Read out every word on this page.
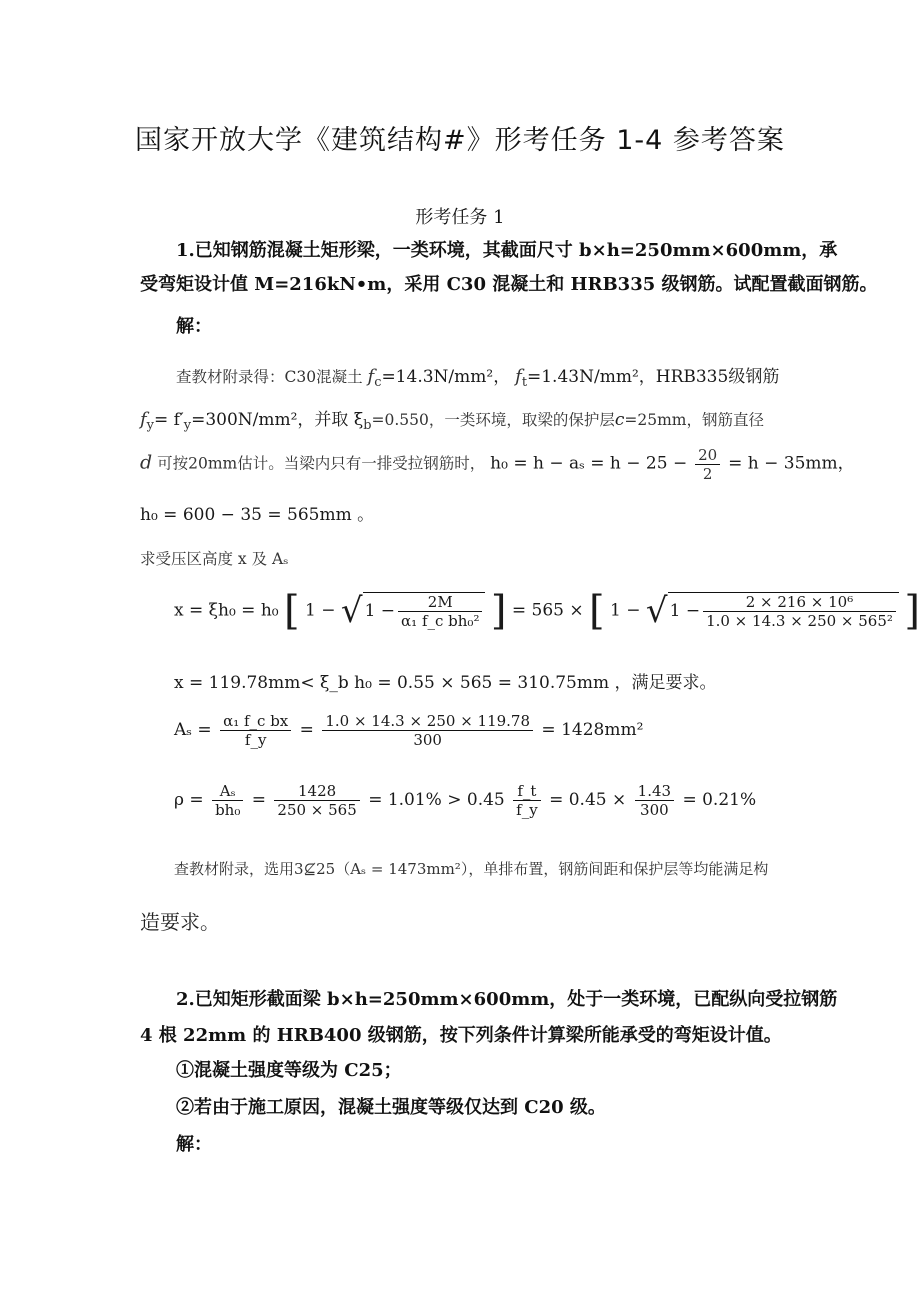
国家开放大学《建筑结构#》形考任务 1-4 参考答案
形考任务 1
1.已知钢筋混凝土矩形梁，一类环境，其截面尺寸 b×h=250mm×600mm，承
受弯矩设计值 M=216kN•m，采用 C30 混凝土和 HRB335 级钢筋。试配置截面钢筋。
解：
查教材附录得：C30混凝土 $f_c=14.3N$/mm²， $f_t=1.43N$/mm²，HRB335级钢筋
$f_y= f'_y=300N/mm^2$，并取 $\xi_b=0.550$，一类环境，取梁的保护层c=25mm，钢筋直径
d 可按20mm估计。当梁内只有一排受拉钢筋时， $h_0 = h - a_s = h - 25 - \frac{20}{2} = h - 35mm$，
h₀ = 600 − 35 = 565mm 。
求受压区高度 x 及 Aₛ
x = ξh₀ = h₀ [ 1 − √ $1 - \frac{2M}{\text{α₁ f\_c bh₀²}}$ ] = 565 × [ 1 − √ $1 - \frac{\text{2 × 216 × 10⁶}}{\text{1.0 × 14.3 × 250 × 565²}}$ ]
x = 119.78mm< ξ_b h₀ = 0.55 × 565 = 310.75mm ，满足要求。
$A_s = \frac{\text{α₁ f\_c bx}}{f\_y} = \frac{1.0 \times 14.3 \times 250 \times 119.78}{300} = 1428mm^2$
$\rho = \frac{\text{Aₛ}}{\text{bh₀}} = \frac{1428}{250 \times 565} = 1.01\% > 0.45 \frac{f\_t}{f\_y} = 0.45 \times \frac{1.43}{300} = 0.21\%$
查教材附录，选用3⊈25（Aₛ = 1473mm²），单排布置，钢筋间距和保护层等均能满足构
造要求。
2.已知矩形截面梁 b×h=250mm×600mm，处于一类环境，已配纵向受拉钢筋
4 根 22mm 的 HRB400 级钢筋，按下列条件计算梁所能承受的弯矩设计值。
①混凝土强度等级为 C25；
②若由于施工原因，混凝土强度等级仅达到 C20 级。
解：
